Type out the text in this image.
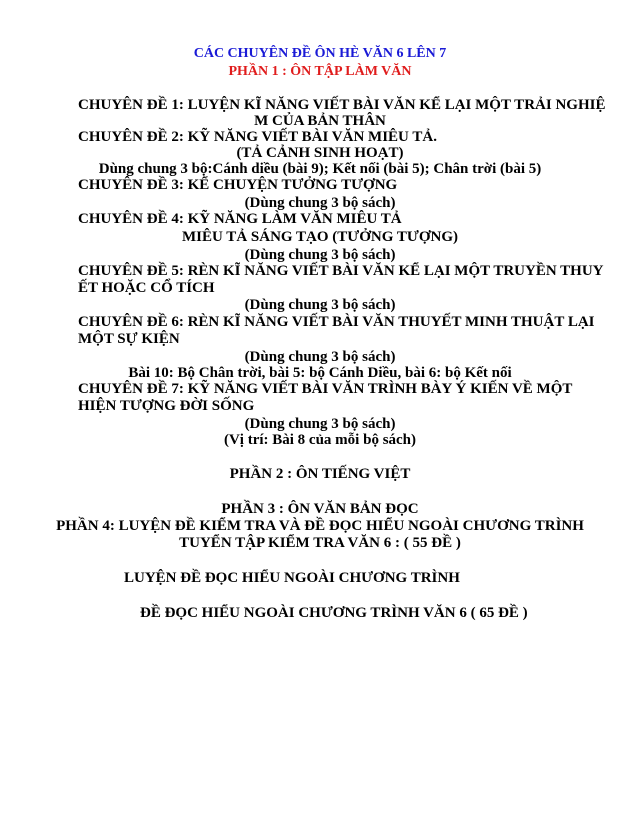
CÁC CHUYÊN ĐỀ ÔN HÈ VĂN 6 LÊN 7

PHẦN 1 : ÔN TẬP LÀM VĂN

CHUYÊN ĐỀ 1: LUYỆN KĨ NĂNG VIẾT BÀI VĂN KỂ LẠI MỘT TRẢI NGHIỆ

M CỦA BẢN THÂN

CHUYÊN ĐỀ 2: KỸ NĂNG VIẾT BÀI VĂN MIÊU TẢ.

(TẢ CẢNH SINH HOẠT)

Dùng chung 3 bộ:Cánh diều (bài 9); Kết nối (bài 5); Chân trời (bài 5)

CHUYÊN ĐỀ 3: KỂ CHUYỆN TƯỞNG TƯỢNG

(Dùng chung 3 bộ sách)

CHUYÊN ĐỀ 4: KỸ NĂNG LÀM VĂN MIÊU TẢ

MIÊU TẢ SÁNG TẠO (TƯỞNG TƯỢNG)

(Dùng chung 3 bộ sách)

CHUYÊN ĐỀ 5: RÈN KĨ NĂNG VIẾT BÀI VĂN KỂ LẠI MỘT TRUYỀN THUY

ẾT HOẶC CỔ TÍCH

(Dùng chung 3 bộ sách)

CHUYÊN ĐỀ 6: RÈN KĨ NĂNG VIẾT BÀI VĂN THUYẾT MINH THUẬT LẠI

MỘT SỰ KIỆN

(Dùng chung 3 bộ sách)

Bài 10: Bộ Chân trời, bài 5: bộ Cánh Diều, bài 6: bộ Kết nối

CHUYÊN ĐỀ 7: KỸ NĂNG VIẾT BÀI VĂN TRÌNH BÀY Ý KIẾN VỀ MỘT

HIỆN TƯỢNG ĐỜI SỐNG

(Dùng chung 3 bộ sách)

(Vị trí: Bài 8 của mỗi bộ sách)

PHẦN 2 : ÔN TIẾNG VIỆT

PHẦN 3 : ÔN VĂN BẢN ĐỌC

PHẦN 4: LUYỆN ĐỀ KIỂM TRA VÀ ĐỀ ĐỌC HIỂU NGOÀI CHƯƠNG TRÌNH

TUYỂN TẬP KIỂM TRA VĂN 6 : ( 55 ĐỀ )

LUYỆN ĐỀ ĐỌC HIỂU NGOÀI CHƯƠNG TRÌNH

ĐỀ ĐỌC HIỂU NGOÀI CHƯƠNG TRÌNH VĂN 6 ( 65 ĐỀ )
